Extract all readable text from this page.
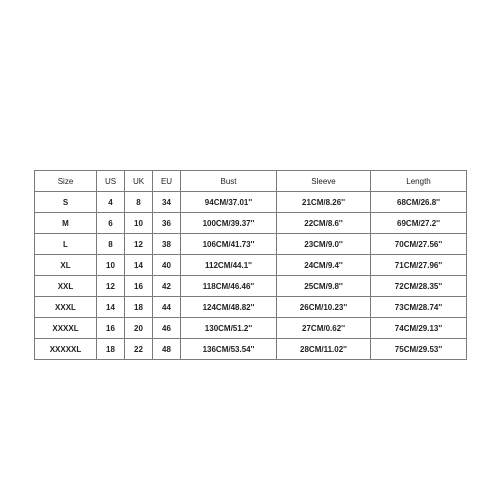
Size	US	UK	EU	Bust	Sleeve	Length
S	4	8	34	94CM/37.01''	21CM/8.26''	68CM/26.8''
M	6	10	36	100CM/39.37''	22CM/8.6''	69CM/27.2''
L	8	12	38	106CM/41.73''	23CM/9.0''	70CM/27.56''
XL	10	14	40	112CM/44.1''	24CM/9.4''	71CM/27.96''
XXL	12	16	42	118CM/46.46''	25CM/9.8''	72CM/28.35''
XXXL	14	18	44	124CM/48.82''	26CM/10.23''	73CM/28.74''
XXXXL	16	20	46	130CM/51.2''	27CM/0.62''	74CM/29.13''
XXXXXL	18	22	48	136CM/53.54''	28CM/11.02''	75CM/29.53''
